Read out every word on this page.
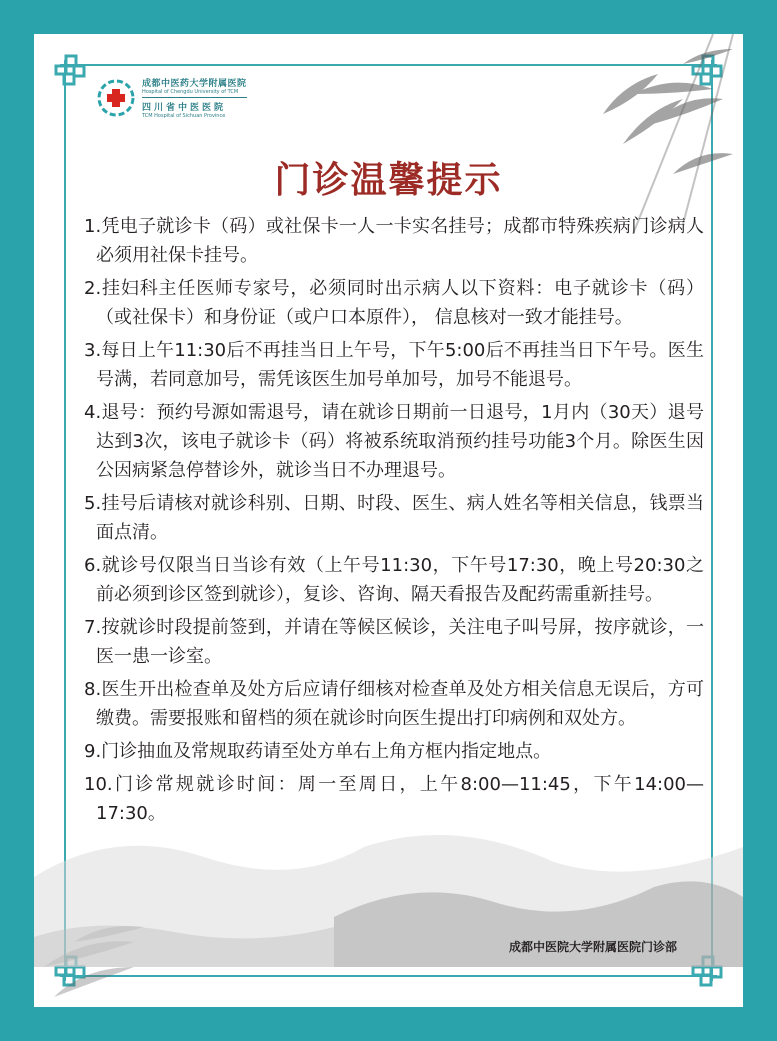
成都中医药大学附属医院
Hospital of Chengdu University of TCM
四川省中医医院
TCM Hospital of Sichuan Province
门诊温馨提示
1.凭电子就诊卡（码）或社保卡一人一卡实名挂号；成都市特殊疾病门诊病人必须用社保卡挂号。
2.挂妇科主任医师专家号，必须同时出示病人以下资料：电子就诊卡（码）（或社保卡）和身份证（或户口本原件）， 信息核对一致才能挂号。
3.每日上午11:30后不再挂当日上午号，下午5:00后不再挂当日下午号。医生号满，若同意加号，需凭该医生加号单加号，加号不能退号。
4.退号：预约号源如需退号，请在就诊日期前一日退号，1月内（30天）退号达到3次，该电子就诊卡（码）将被系统取消预约挂号功能3个月。除医生因公因病紧急停替诊外，就诊当日不办理退号。
5.挂号后请核对就诊科别、日期、时段、医生、病人姓名等相关信息，钱票当面点清。
6.就诊号仅限当日当诊有效（上午号11:30，下午号17:30，晚上号20:30之 前必须到诊区签到就诊），复诊、咨询、隔天看报告及配药需重新挂号。
7.按就诊时段提前签到，并请在等候区候诊，关注电子叫号屏，按序就诊，一医一患一诊室。
8.医生开出检查单及处方后应请仔细核对检查单及处方相关信息无误后，方可缴费。需要报账和留档的须在就诊时向医生提出打印病例和双处方。
9.门诊抽血及常规取药请至处方单右上角方框内指定地点。
10.门诊常规就诊时间：周一至周日，上午8:00—11:45，下午14:00—17:30。
成都中医院大学附属医院门诊部
